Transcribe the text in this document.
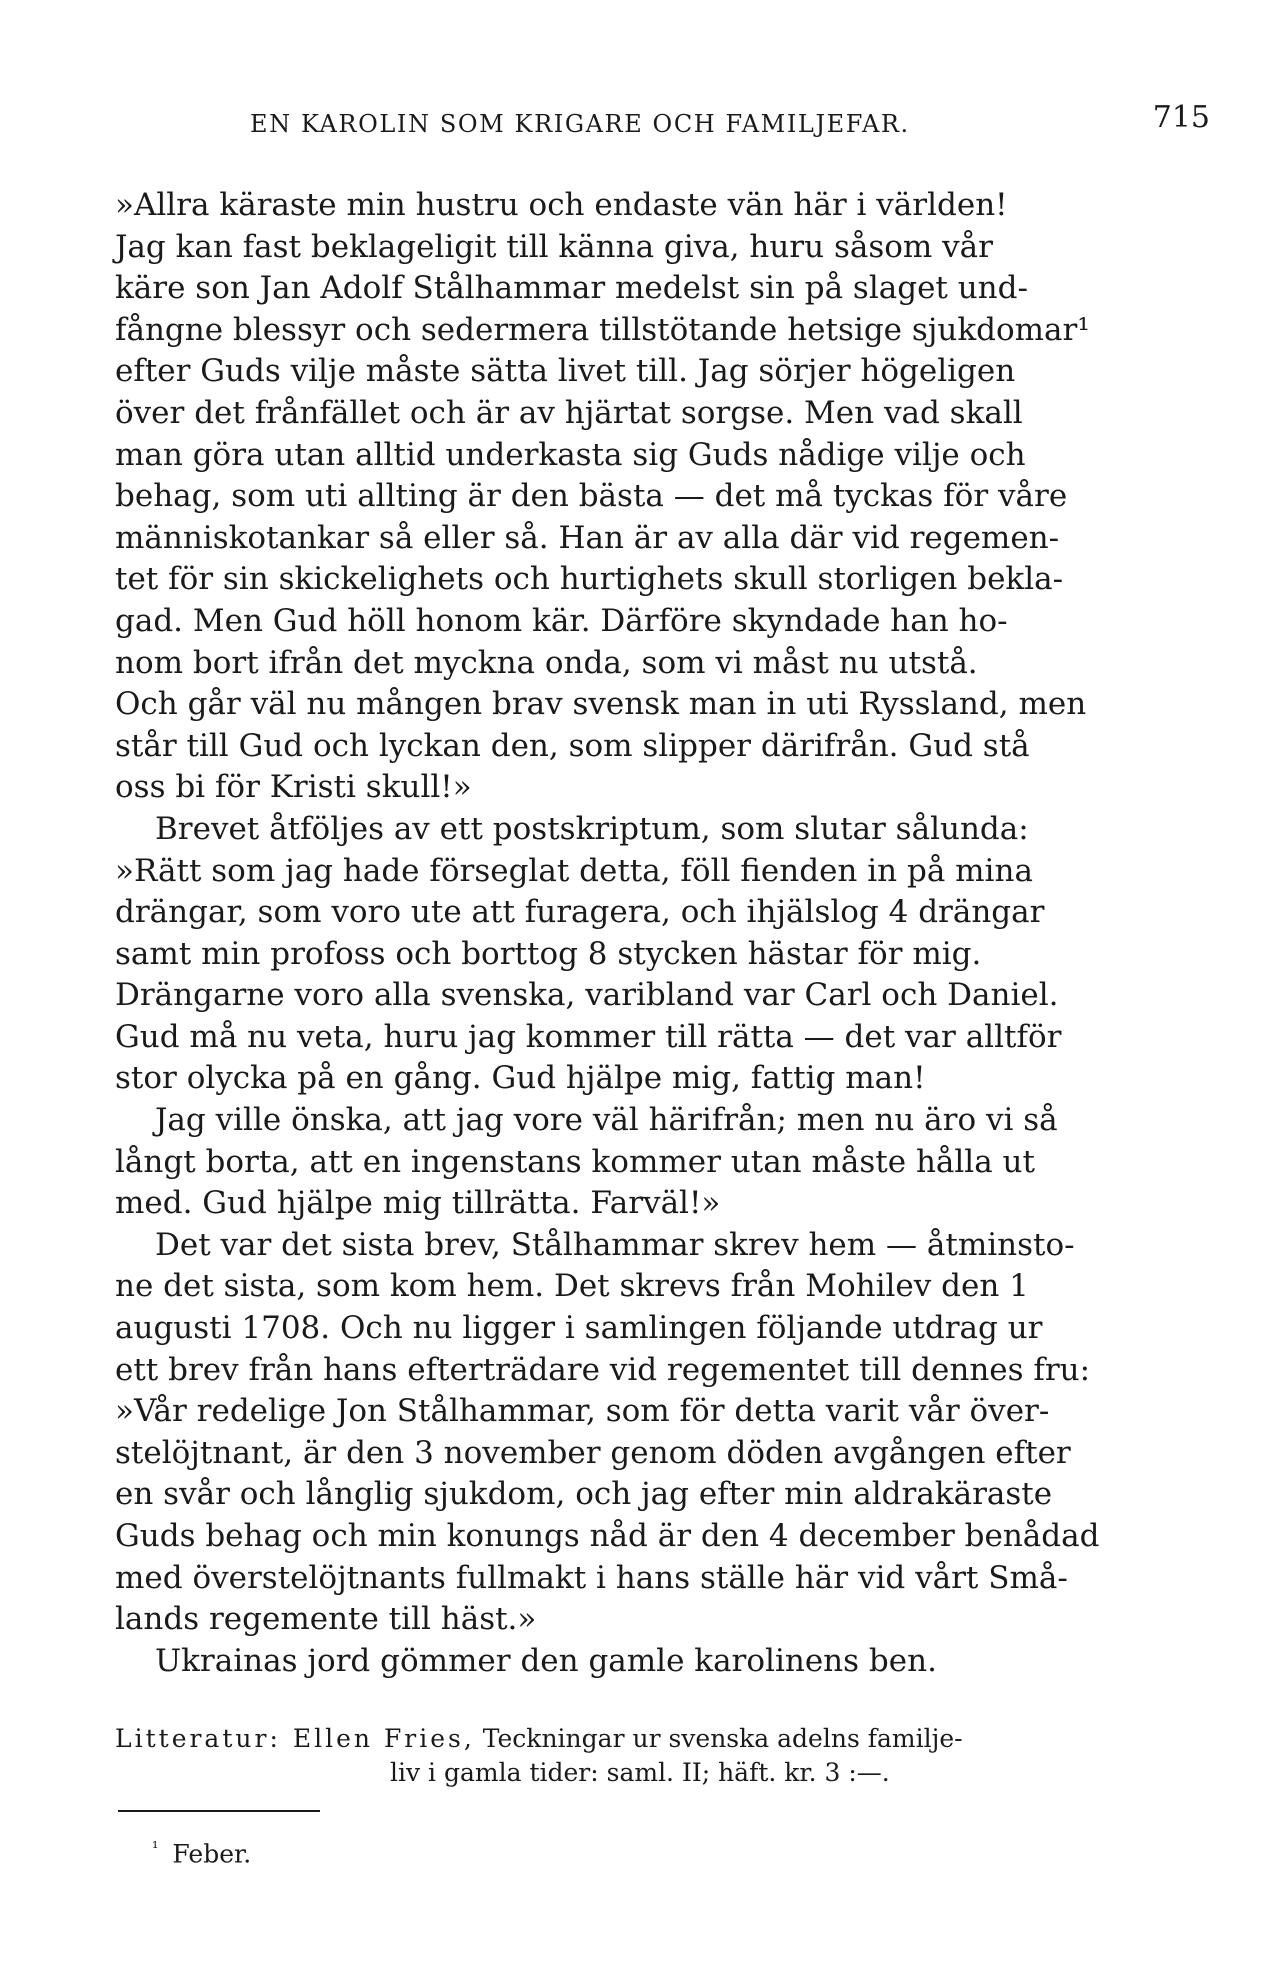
EN KAROLIN SOM KRIGARE OCH FAMILJEFAR.	715
»Allra käraste min hustru och endaste vän här i världen!
Jag kan fast beklageligit till känna giva, huru såsom vår
käre son Jan Adolf Stålhammar medelst sin på slaget und-
fångne blessyr och sedermera tillstötande hetsige sjukdomar¹
efter Guds vilje måste sätta livet till. Jag sörjer högeligen
över det frånfället och är av hjärtat sorgse. Men vad skall
man göra utan alltid underkasta sig Guds nådige vilje och
behag, som uti allting är den bästa — det må tyckas för våre
människotankar så eller så. Han är av alla där vid regemen-
tet för sin skickelighets och hurtighets skull storligen bekla-
gad. Men Gud höll honom kär. Därföre skyndade han ho-
nom bort ifrån det myckna onda, som vi måst nu utstå.
Och går väl nu mången brav svensk man in uti Ryssland, men
står till Gud och lyckan den, som slipper därifrån. Gud stå
oss bi för Kristi skull!»
Brevet åtföljes av ett postskriptum, som slutar sålunda:
»Rätt som jag hade förseglat detta, föll fienden in på mina
drängar, som voro ute att furagera, och ihjälslog 4 drängar
samt min profoss och borttog 8 stycken hästar för mig.
Drängarne voro alla svenska, varibland var Carl och Daniel.
Gud må nu veta, huru jag kommer till rätta — det var alltför
stor olycka på en gång. Gud hjälpe mig, fattig man!
Jag ville önska, att jag vore väl härifrån; men nu äro vi så
långt borta, att en ingenstans kommer utan måste hålla ut
med. Gud hjälpe mig tillrätta. Farväl!»
Det var det sista brev, Stålhammar skrev hem — åtminsto-
ne det sista, som kom hem. Det skrevs från Mohilev den 1
augusti 1708. Och nu ligger i samlingen följande utdrag ur
ett brev från hans efterträdare vid regementet till dennes fru:
»Vår redelige Jon Stålhammar, som för detta varit vår över-
stelöjtnant, är den 3 november genom döden avgången efter
en svår och långlig sjukdom, och jag efter min aldrakäraste
Guds behag och min konungs nåd är den 4 december benådad
med överstelöjtnants fullmakt i hans ställe här vid vårt Små-
lands regemente till häst.»
Ukrainas jord gömmer den gamle karolinens ben.
Litteratur: Ellen Fries, Teckningar ur svenska adelns familje-
liv i gamla tider: saml. II; häft. kr. 3 :—.
$^{^1}$ Feber.
